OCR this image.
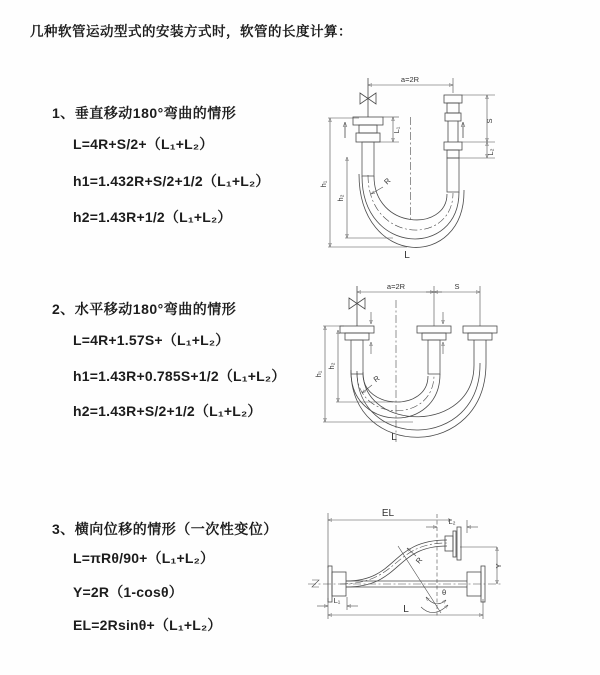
几种软管运动型式的安装方式时，软管的长度计算：
1、垂直移动180°弯曲的情形
L=4R+S/2+（L₁+L₂）
h1=1.432R+S/2+1/2（L₁+L₂）
h2=1.43R+1/2（L₁+L₂）
2、水平移动180°弯曲的情形
L=4R+1.57S+（L₁+L₂）
h1=1.43R+0.785S+1/2（L₁+L₂）
h2=1.43R+S/2+1/2（L₁+L₂）
3、横向位移的情形（一次性变位）
L=πRθ/90+（L₁+L₂）
Y=2R（1-cosθ）
EL=2Rsinθ+（L₁+L₂）
a=2R
S
L₂
L₁
h₁
h₂
R
L
a=2R	S
h₁
h₂
R
L
EL
L₂
θ
R
Y
L₁
L
